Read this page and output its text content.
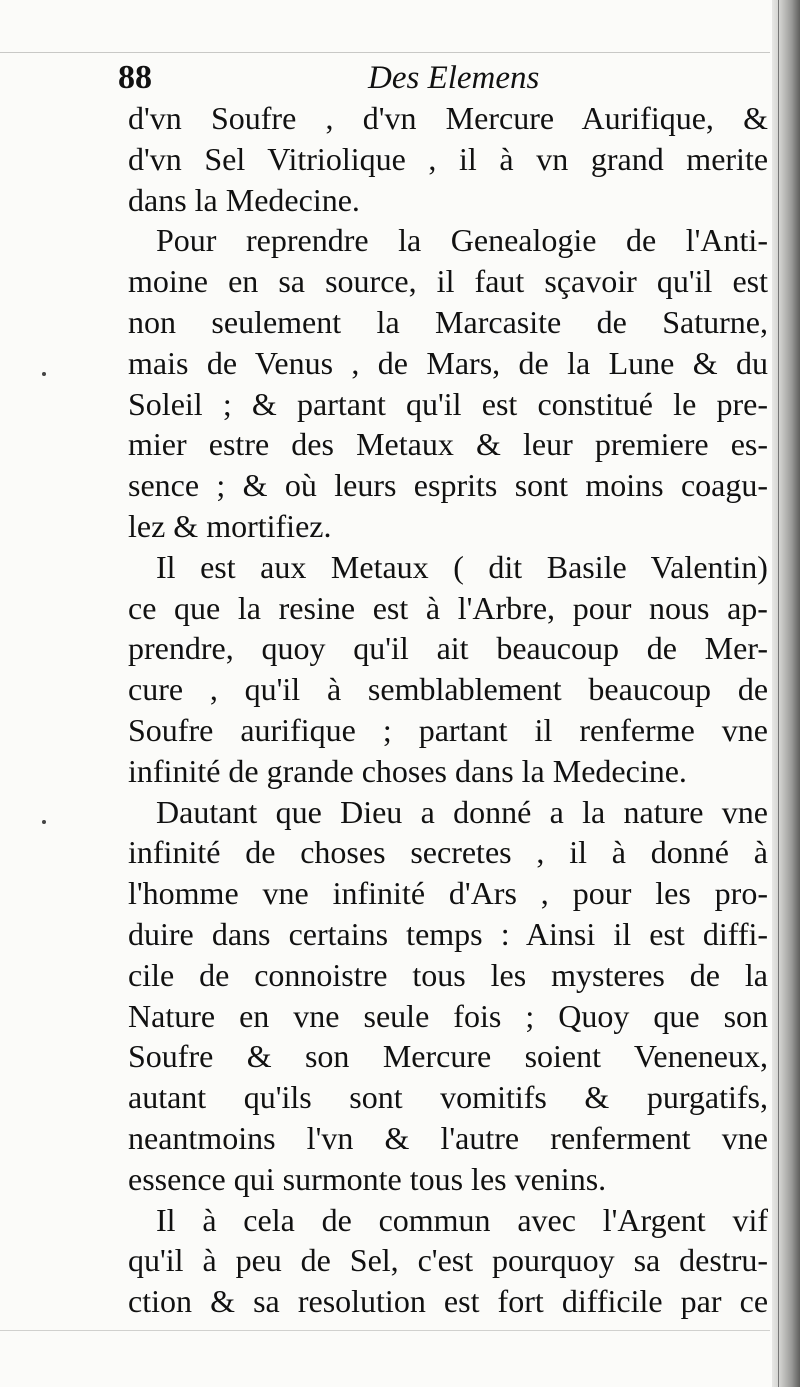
88	Des Elemens
d'vn Soufre , d'vn Mercure Aurifique, &
d'vn Sel Vitriolique , il à vn grand merite
dans la Medecine.
Pour reprendre la Genealogie de l'Anti-
moine en sa source, il faut sçavoir qu'il est
non seulement la Marcasite de Saturne,
mais de Venus , de Mars, de la Lune & du
Soleil ; & partant qu'il est constitué le pre-
mier estre des Metaux & leur premiere es-
sence ; & où leurs esprits sont moins coagu-
lez & mortifiez.
Il est aux Metaux ( dit Basile Valentin)
ce que la resine est à l'Arbre, pour nous ap-
prendre, quoy qu'il ait beaucoup de Mer-
cure , qu'il à semblablement beaucoup de
Soufre aurifique ; partant il renferme vne
infinité de grande choses dans la Medecine.
Dautant que Dieu a donné a la nature vne
infinité de choses secretes , il à donné à
l'homme vne infinité d'Ars , pour les pro-
duire dans certains temps : Ainsi il est diffi-
cile de connoistre tous les mysteres de la
Nature en vne seule fois ; Quoy que son
Soufre & son Mercure soient Veneneux,
autant qu'ils sont vomitifs & purgatifs,
neantmoins l'vn & l'autre renferment vne
essence qui surmonte tous les venins.
Il à cela de commun avec l'Argent vif
qu'il à peu de Sel, c'est pourquoy sa destru-
ction & sa resolution est fort difficile par ce
